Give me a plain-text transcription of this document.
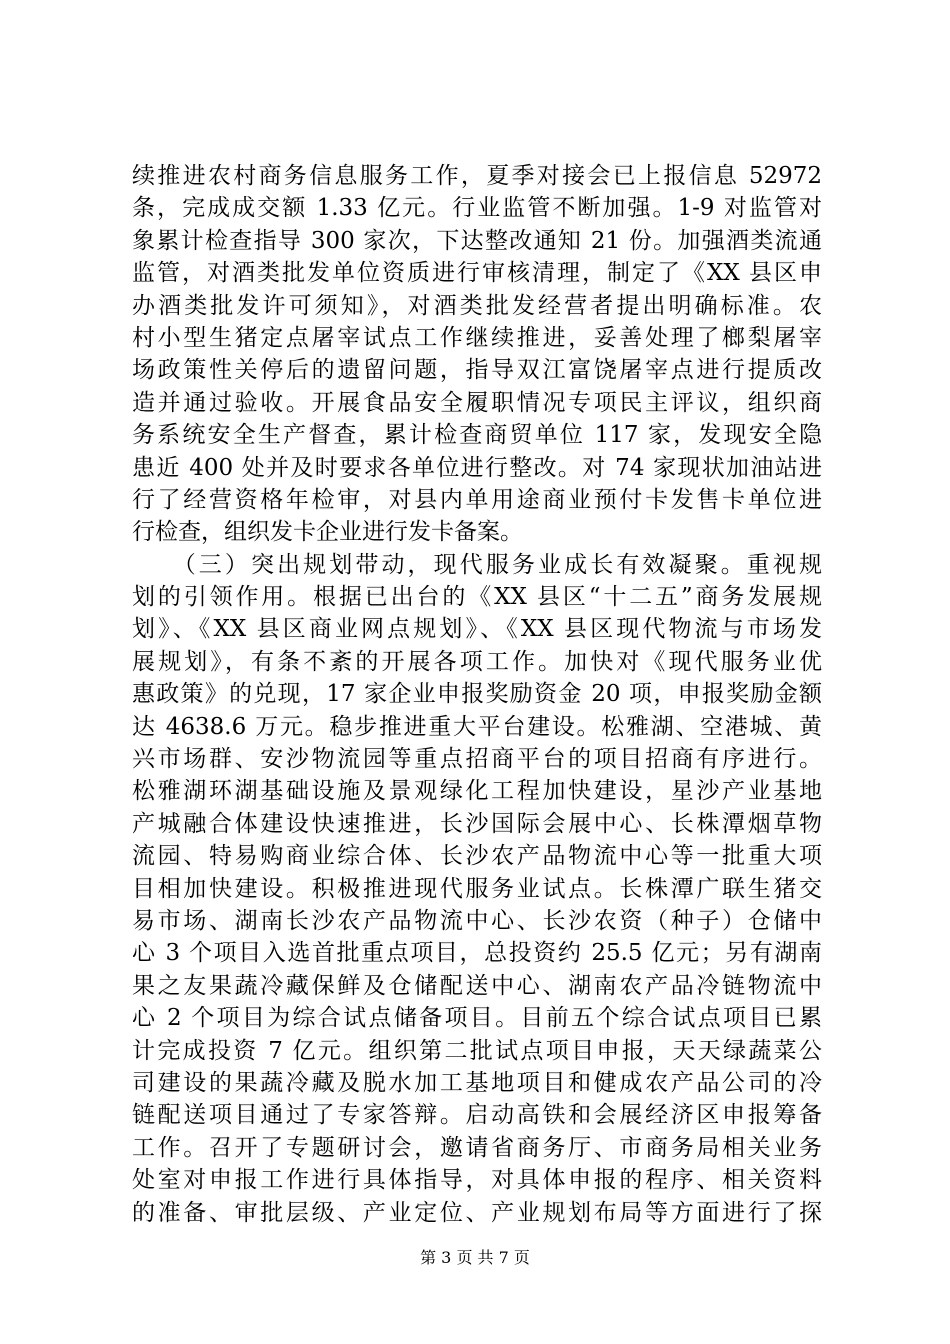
续推进农村商务信息服务工作，夏季对接会已上报信息 52972
条，完成成交额 1.33 亿元。行业监管不断加强。1-9 对监管对
象累计检查指导 300 家次，下达整改通知 21 份。加强酒类流通
监管，对酒类批发单位资质进行审核清理，制定了《XX 县区申
办酒类批发许可须知》，对酒类批发经营者提出明确标准。农
村小型生猪定点屠宰试点工作继续推进，妥善处理了榔梨屠宰
场政策性关停后的遗留问题，指导双江富饶屠宰点进行提质改
造并通过验收。开展食品安全履职情况专项民主评议，组织商
务系统安全生产督查，累计检查商贸单位 117 家，发现安全隐
患近 400 处并及时要求各单位进行整改。对 74 家现状加油站进
行了经营资格年检审，对县内单用途商业预付卡发售卡单位进
行检查，组织发卡企业进行发卡备案。
　　（三）突出规划带动，现代服务业成长有效凝聚。重视规
划的引领作用。根据已出台的《XX 县区“十二五”商务发展规
划》、《XX 县区商业网点规划》、《XX 县区现代物流与市场发
展规划》，有条不紊的开展各项工作。加快对《现代服务业优
惠政策》的兑现，17 家企业申报奖励资金 20 项，申报奖励金额
达 4638.6 万元。稳步推进重大平台建设。松雅湖、空港城、黄
兴市场群、安沙物流园等重点招商平台的项目招商有序进行。
松雅湖环湖基础设施及景观绿化工程加快建设，星沙产业基地
产城融合体建设快速推进，长沙国际会展中心、长株潭烟草物
流园、特易购商业综合体、长沙农产品物流中心等一批重大项
目相加快建设。积极推进现代服务业试点。长株潭广联生猪交
易市场、湖南长沙农产品物流中心、长沙农资（种子）仓储中
心 3 个项目入选首批重点项目，总投资约 25.5 亿元；另有湖南
果之友果蔬冷藏保鲜及仓储配送中心、湖南农产品冷链物流中
心 2 个项目为综合试点储备项目。目前五个综合试点项目已累
计完成投资 7 亿元。组织第二批试点项目申报，天天绿蔬菜公
司建设的果蔬冷藏及脱水加工基地项目和健成农产品公司的冷
链配送项目通过了专家答辩。启动高铁和会展经济区申报筹备
工作。召开了专题研讨会，邀请省商务厅、市商务局相关业务
处室对申报工作进行具体指导，对具体申报的程序、相关资料
的准备、审批层级、产业定位、产业规划布局等方面进行了探
第 3 页 共 7 页
